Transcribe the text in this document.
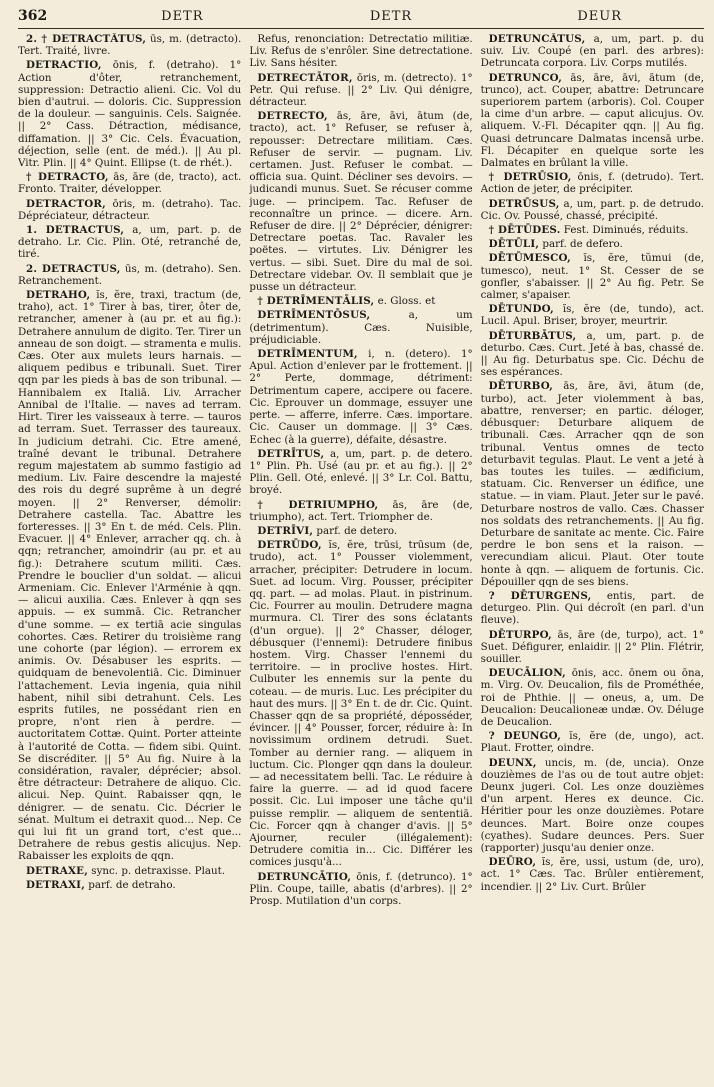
362	DETR	DETR	DEUR

2. † DETRACTĀTUS, ūs, m. (detracto). Tert. Traité, livre.

DETRACTIO, ōnis, f. (detraho). 1° Action d'ôter, retranchement, suppression: Detractio alieni. Cic. Vol du bien d'autrui. — doloris. Cic. Suppression de la douleur. — sanguinis. Cels. Saignée. || 2° Cass. Détraction, médisance, diffamation. || 3° Cic. Cels. Évacuation, déjection, selle (ent. de méd.). || Au pl. Vitr. Plin. || 4° Quint. Ellipse (t. de rhét.).

† DETRACTO, ās, āre (de, tracto), act. Fronto. Traiter, développer.

DETRACTOR, ōris, m. (detraho). Tac. Dépréciateur, détracteur.

1. DETRACTUS, a, um, part. p. de detraho. Lr. Cic. Plin. Oté, retranché de, tiré.

2. DETRACTUS, ūs, m. (detraho). Sen. Retranchement.

DETRAHO, ĭs, ĕre, traxi, tractum (de, traho), act. 1° Tirer à bas, tirer, ôter de, retrancher, amener à (au pr. et au fig.): Detrahere annulum de digito. Ter. Tirer un anneau de son doigt. — stramenta e mulis. Cæs. Oter aux mulets leurs harnais. — aliquem pedibus e tribunali. Suet. Tirer qqn par les pieds à bas de son tribunal. — Hannibalem ex Italiā. Liv. Arracher Annibal de l'Italie. — naves ad terram. Hirt. Tirer les vaisseaux à terre. — tauros ad terram. Suet. Terrasser des taureaux. In judicium detrahi. Cic. Etre amené, traîné devant le tribunal. Detrahere regum majestatem ab summo fastigio ad medium. Liv. Faire descendre la majesté des rois du degré suprême à un degré moyen. || 2° Renverser, démolir: Detrahere castella. Tac. Abattre les forteresses. || 3° En t. de méd. Cels. Plin. Evacuer. || 4° Enlever, arracher qq. ch. à qqn; retrancher, amoindrir (au pr. et au fig.): Detrahere scutum militi. Cæs. Prendre le bouclier d'un soldat. — alicui Armeniam. Cic. Enlever l'Arménie à qqn. — alicui auxilia. Cæs. Enlever à qqn ses appuis. — ex summā. Cic. Retrancher d'une somme. — ex tertiā acie singulas cohortes. Cæs. Retirer du troisième rang une cohorte (par légion). — errorem ex animis. Ov. Désabuser les esprits. — quidquam de benevolentiā. Cic. Diminuer l'attachement. Levia ingenia, quia nihil habent, nihil sibi detrahunt. Cels. Les esprits futiles, ne possédant rien en propre, n'ont rien à perdre. — auctoritatem Cottæ. Quint. Porter atteinte à l'autorité de Cotta. — fidem sibi. Quint. Se discréditer. || 5° Au fig. Nuire à la considération, ravaler, déprécier; absol. être détracteur: Detrahere de aliquo. Cic. alicui. Nep. Quint. Rabaisser qqn, le dénigrer. — de senatu. Cic. Décrier le sénat. Multum ei detraxit quod... Nep. Ce qui lui fit un grand tort, c'est que... Detrahere de rebus gestis alicujus. Nep. Rabaisser les exploits de qqn.

DETRAXE, sync. p. detraxisse. Plaut.

DETRAXI, parf. de detraho.

Refus, renonciation: Detrectatio militiæ. Liv. Refus de s'enrôler. Sine detrectatione. Liv. Sans hésiter.

DETRECTĀTOR, ōris, m. (detrecto). 1° Petr. Qui refuse. || 2° Liv. Qui dénigre, détracteur.

DETRECTO, ās, āre, āvi, ātum (de, tracto), act. 1° Refuser, se refuser à, repousser: Detrectare militiam. Cæs. Refuser de servir. — pugnam. Liv. certamen. Just. Refuser le combat. — officia sua. Quint. Décliner ses devoirs. — judicandi munus. Suet. Se récuser comme juge. — principem. Tac. Refuser de reconnaître un prince. — dicere. Arn. Refuser de dire. || 2° Déprécier, dénigrer: Detrectare poetas. Tac. Ravaler les poëtes. — virtutes. Liv. Dénigrer les vertus. — sibi. Suet. Dire du mal de soi. Detrectare videbar. Ov. Il semblait que je pusse un détracteur.

† DETRĪMENTĀLIS, e. Gloss. et

DETRĪMENTŌSUS,	a, um (detrimentum). Cæs. Nuisible, préjudiciable.

DETRĪMENTUM, i, n. (detero). 1° Apul. Action d'enlever par le frottement. || 2° Perte, dommage, détriment: Detrimentum capere, accipere ou facere. Cic. Eprouver un dommage, essuyer une perte. — afferre, inferre. Cæs. importare. Cic. Causer un dommage. || 3° Cæs. Echec (à la guerre), défaite, désastre.

DETRĪTUS, a, um, part. p. de detero. 1° Plin. Ph. Usé (au pr. et au fig.). || 2° Plin. Gell. Oté, enlevé. || 3° Lr. Col. Battu, broyé.

† DETRIUMPHO, ās, āre (de, triumpho), act. Tert. Triompher de.

DETRĪVI, parf. de detero.

DETRŪDO, ĭs, ĕre, trūsi, trūsum (de, trudo), act. 1° Pousser violemment, arracher, précipiter: Detrudere in locum. Suet. ad locum. Virg. Pousser, précipiter qq. part. — ad molas. Plaut. in pistrinum. Cic. Fourrer au moulin. Detrudere magna murmura. Cl. Tirer des sons éclatants (d'un orgue). || 2° Chasser, déloger, débusquer (l'ennemi): Detrudere finibus hostem. Virg. Chasser l'ennemi du territoire. — in proclive hostes. Hirt. Culbuter les ennemis sur la pente du coteau. — de muris. Luc. Les précipiter du haut des murs. || 3° En t. de dr. Cic. Quint. Chasser qqn de sa propriété, déposséder, évincer. || 4° Pousser, forcer, réduire à: In novissimum ordinem detrudi. Suet. Tomber au dernier rang. — aliquem in luctum. Cic. Plonger qqn dans la douleur. — ad necessitatem belli. Tac. Le réduire à faire la guerre. — ad id quod facere possit. Cic. Lui imposer une tâche qu'il puisse remplir. — aliquem de sententiā. Cic. Forcer qqn à changer d'avis. || 5° Ajourner, reculer (illégalement): Detrudere comitia in... Cic. Différer les comices jusqu'à...

DETRUNCĀTIO, ōnis, f. (detrunco). 1° Plin. Coupe, taille, abatis (d'arbres). || 2° Prosp. Mutilation d'un corps.

DETRUNCĀTUS, a, um, part. p. du suiv. Liv. Coupé (en parl. des arbres): Detruncata corpora. Liv. Corps mutilés.

DETRUNCO, ās, āre, āvi, ātum (de, trunco), act. Couper, abattre: Detruncare superiorem partem (arboris). Col. Couper la cime d'un arbre. — caput alicujus. Ov. aliquem. V.-Fl. Décapiter qqn. || Au fig. Quasi detruncare Dalmatas incensā urbe. Fl. Décapiter en quelque sorte les Dalmates en brûlant la ville.

† DETRŪSIO, ōnis, f. (detrudo). Tert. Action de jeter, de précipiter.

DETRŪSUS, a, um, part. p. de detrudo. Cic. Ov. Poussé, chassé, précipité.

† DĒTŪDES. Fest. Diminués, réduits.

DĒTŪLI, parf. de defero.

DĒTŪMESCO, ĭs, ĕre, tŭmui (de, tumesco), neut. 1° St. Cesser de se gonfler, s'abaisser. || 2° Au fig. Petr. Se calmer, s'apaiser.

DĒTUNDO, ĭs, ĕre (de, tundo), act. Lucil. Apul. Briser, broyer, meurtrir.

DĒTURBĀTUS, a, um, part. p. de deturbo. Cæs. Curt. Jeté à bas, chassé de. || Au fig. Deturbatus spe. Cic. Déchu de ses espérances.

DĒTURBO, ās, āre, āvi, ātum (de, turbo), act. Jeter violemment à bas, abattre, renverser; en partic. déloger, débusquer: Deturbare aliquem de tribunali. Cæs. Arracher qqn de son tribunal. Ventus omnes de tecto deturbavit tegulas. Plaut. Le vent a jeté à bas toutes les tuiles. — ædificium, statuam. Cic. Renverser un édifice, une statue. — in viam. Plaut. Jeter sur le pavé. Deturbare nostros de vallo. Cæs. Chasser nos soldats des retranchements. || Au fig. Deturbare de sanitate ac mente. Cic. Faire perdre le bon sens et la raison. — verecundiam alicui. Plaut. Oter toute honte à qqn. — aliquem de fortunis. Cic. Dépouiller qqn de ses biens.

? DĒTURGENS, entis, part. de deturgeo. Plin. Qui décroît (en parl. d'un fleuve).

DĒTURPO, ās, āre (de, turpo), act. 1° Suet. Défigurer, enlaidir. || 2° Plin. Flétrir, souiller.

DEUCĀLION, ōnis, acc. ōnem ou ōna, m. Virg. Ov. Deucalion, fils de Prométhée, roi de Phthie. || — oneus, a, um. De Deucalion: Deucalioneæ undæ. Ov. Déluge de Deucalion.

? DEUNGO, ĭs, ĕre (de, ungo), act. Plaut. Frotter, oindre.

DEUNX, uncis, m. (de, uncia). Onze douzièmes de l'as ou de tout autre objet: Deunx jugeri. Col. Les onze douzièmes d'un arpent. Heres ex deunce. Cic. Héritier pour les onze douzièmes. Potare deunces. Mart. Boire onze coupes (cyathes). Sudare deunces. Pers. Suer (rapporter) jusqu'au denier onze.

DEŪRO, ĭs, ĕre, ussi, ustum (de, uro), act. 1° Cæs. Tac. Brûler entièrement, incendier. || 2° Liv. Curt. Brûler
